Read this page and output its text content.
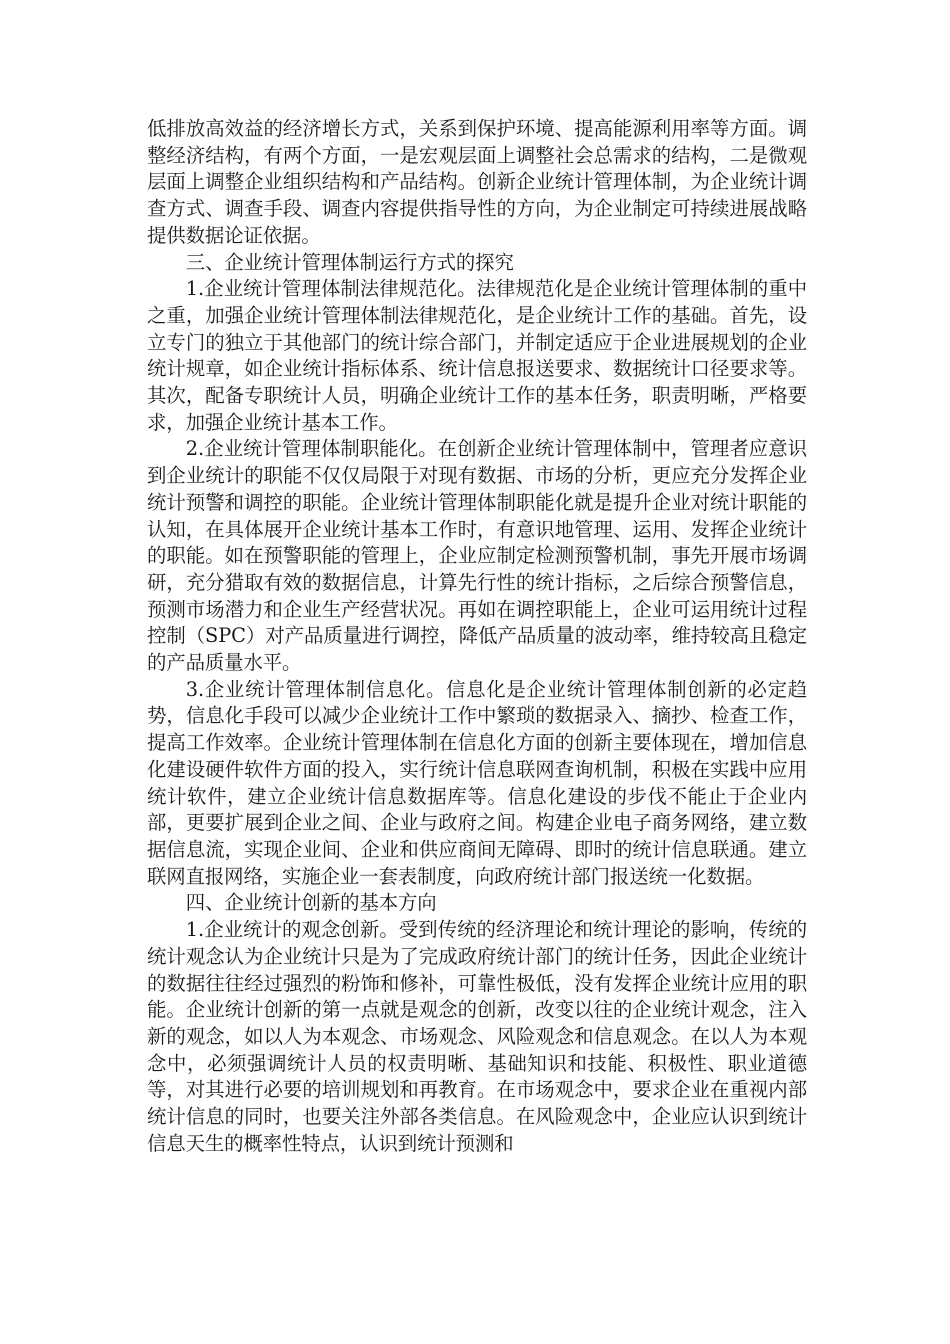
低排放高效益的经济增长方式，关系到保护环境、提高能源利用率等方面。调整经济结构，有两个方面，一是宏观层面上调整社会总需求的结构，二是微观层面上调整企业组织结构和产品结构。创新企业统计管理体制，为企业统计调查方式、调查手段、调查内容提供指导性的方向，为企业制定可持续进展战略提供数据论证依据。

三、企业统计管理体制运行方式的探究

1.企业统计管理体制法律规范化。法律规范化是企业统计管理体制的重中之重，加强企业统计管理体制法律规范化，是企业统计工作的基础。首先，设立专门的独立于其他部门的统计综合部门，并制定适应于企业进展规划的企业统计规章，如企业统计指标体系、统计信息报送要求、数据统计口径要求等。其次，配备专职统计人员，明确企业统计工作的基本任务，职责明晰，严格要求，加强企业统计基本工作。

2.企业统计管理体制职能化。在创新企业统计管理体制中，管理者应意识到企业统计的职能不仅仅局限于对现有数据、市场的分析，更应充分发挥企业统计预警和调控的职能。企业统计管理体制职能化就是提升企业对统计职能的认知，在具体展开企业统计基本工作时，有意识地管理、运用、发挥企业统计的职能。如在预警职能的管理上，企业应制定检测预警机制，事先开展市场调研，充分猎取有效的数据信息，计算先行性的统计指标，之后综合预警信息，预测市场潜力和企业生产经营状况。再如在调控职能上，企业可运用统计过程控制（SPC）对产品质量进行调控，降低产品质量的波动率，维持较高且稳定的产品质量水平。

3.企业统计管理体制信息化。信息化是企业统计管理体制创新的必定趋势，信息化手段可以减少企业统计工作中繁琐的数据录入、摘抄、检查工作，提高工作效率。企业统计管理体制在信息化方面的创新主要体现在，增加信息化建设硬件软件方面的投入，实行统计信息联网查询机制，积极在实践中应用统计软件，建立企业统计信息数据库等。信息化建设的步伐不能止于企业内部，更要扩展到企业之间、企业与政府之间。构建企业电子商务网络，建立数据信息流，实现企业间、企业和供应商间无障碍、即时的统计信息联通。建立联网直报网络，实施企业一套表制度，向政府统计部门报送统一化数据。

四、企业统计创新的基本方向

1.企业统计的观念创新。受到传统的经济理论和统计理论的影响，传统的统计观念认为企业统计只是为了完成政府统计部门的统计任务，因此企业统计的数据往往经过强烈的粉饰和修补，可靠性极低，没有发挥企业统计应用的职能。企业统计创新的第一点就是观念的创新，改变以往的企业统计观念，注入新的观念，如以人为本观念、市场观念、风险观念和信息观念。在以人为本观念中，必须强调统计人员的权责明晰、基础知识和技能、积极性、职业道德等，对其进行必要的培训规划和再教育。在市场观念中，要求企业在重视内部统计信息的同时，也要关注外部各类信息。在风险观念中，企业应认识到统计信息天生的概率性特点，认识到统计预测和
